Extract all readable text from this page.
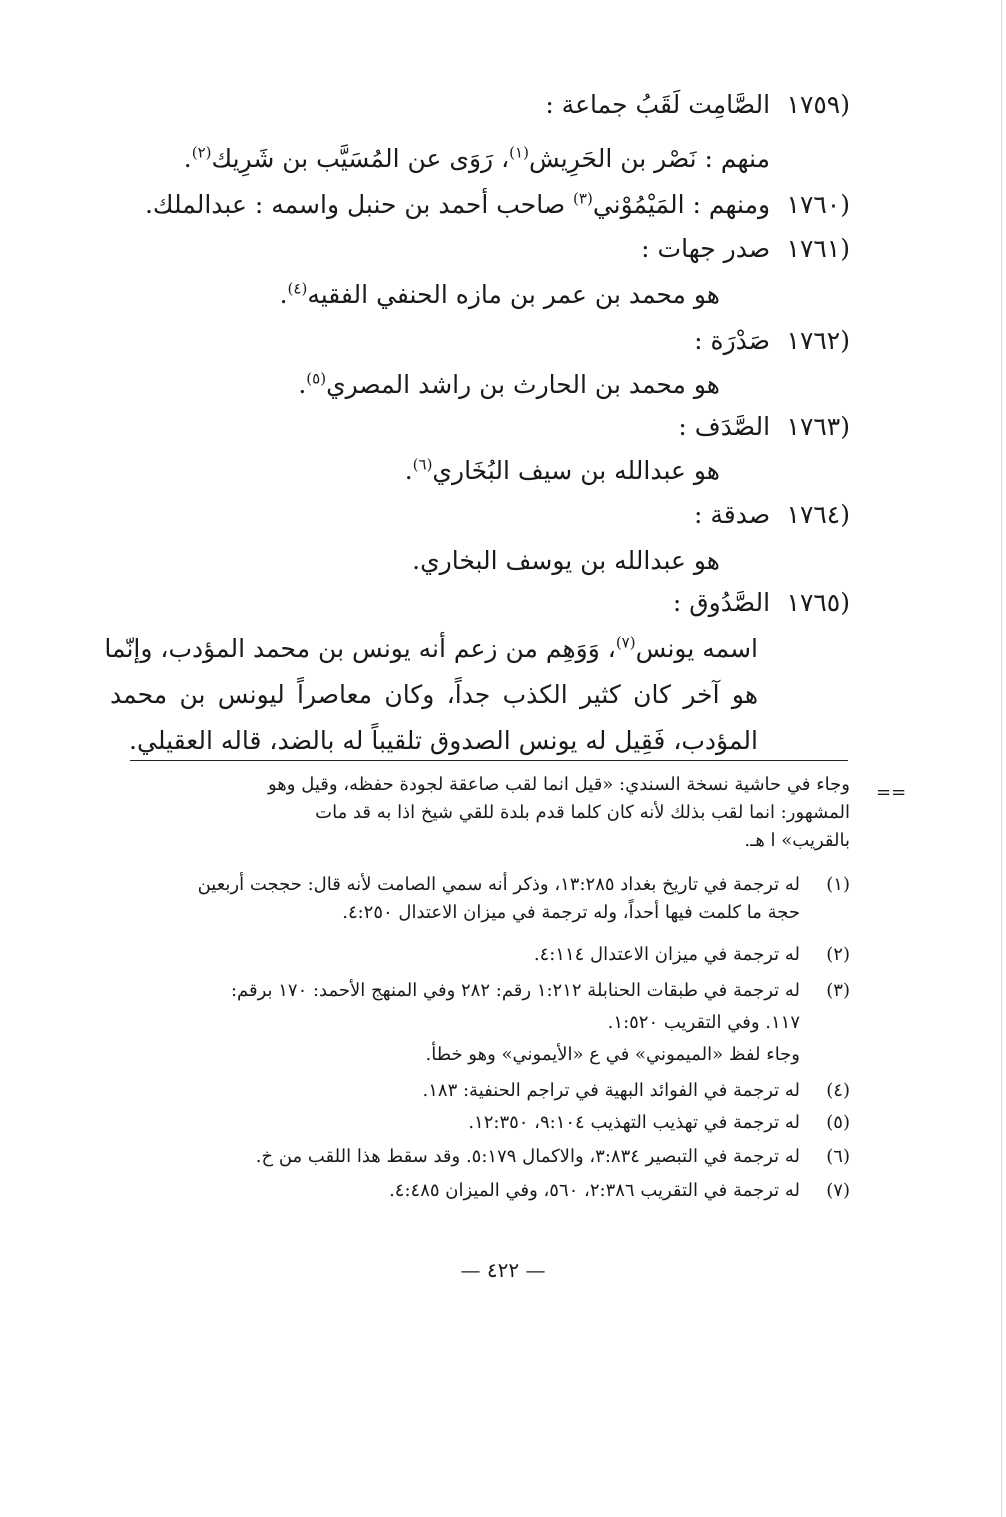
(١٧٥٩ الصَّامِت لَقَبُ جماعة :
منهم : نَصْر بن الحَرِيش$^{(١)}$، رَوَى عن المُسَيَّب بن شَرِيك$^{(٢)}$.
(١٧٦٠ ومنهم : المَيْمُوْني$^{(٣)}$ صاحب أحمد بن حنبل واسمه : عبدالملك.
(١٧٦١ صدر جهات :
هو محمد بن عمر بن مازه الحنفي الفقيه$^{(٤)}$.
(١٧٦٢ صَدْرَة :
هو محمد بن الحارث بن راشد المصري$^{(٥)}$.
(١٧٦٣ الصَّدَف :
هو عبدالله بن سيف البُخَاري$^{(٦)}$.
(١٧٦٤ صدقة :
هو عبدالله بن يوسف البخاري.
(١٧٦٥ الصَّدُوق :
اسمه يونس$^{(٧)}$، وَوَهِم من زعم أنه يونس بن محمد المؤدب، وإنّما
هو آخر كان كثير الكذب جداً، وكان معاصراً ليونس بن محمد
المؤدب، فَقِيل له يونس الصدوق تلقيباً له بالضد، قاله العقيلي.
==
وجاء في حاشية نسخة السندي: «قيل انما لقب صاعقة لجودة حفظه، وقيل وهو
المشهور: انما لقب بذلك لأنه كان كلما قدم بلدة للقي شيخ اذا به قد مات
بالقريب» ا هـ.
(١)له ترجمة في تاريخ بغداد ١٣:٢٨٥، وذكر أنه سمي الصامت لأنه قال: حججت أربعين
حجة ما كلمت فيها أحداً، وله ترجمة في ميزان الاعتدال ٤:٢٥٠.
(٢)له ترجمة في ميزان الاعتدال ٤:١١٤.
(٣)له ترجمة في طبقات الحنابلة ١:٢١٢ رقم: ٢٨٢ وفي المنهج الأحمد: ١٧٠ برقم:
١١٧. وفي التقريب ١:٥٢٠.
وجاء لفظ «الميموني» في ع «الأيموني» وهو خطأ.
(٤)له ترجمة في الفوائد البهية في تراجم الحنفية: ١٨٣.
(٥)له ترجمة في تهذيب التهذيب ٩:١٠٤، ١٢:٣٥٠.
(٦)له ترجمة في التبصير ٣:٨٣٤، والاكمال ٥:١٧٩. وقد سقط هذا اللقب من خ.
(٧)له ترجمة في التقريب ٢:٣٨٦، ٥٦٠، وفي الميزان ٤:٤٨٥.
— ٤٢٢ —
